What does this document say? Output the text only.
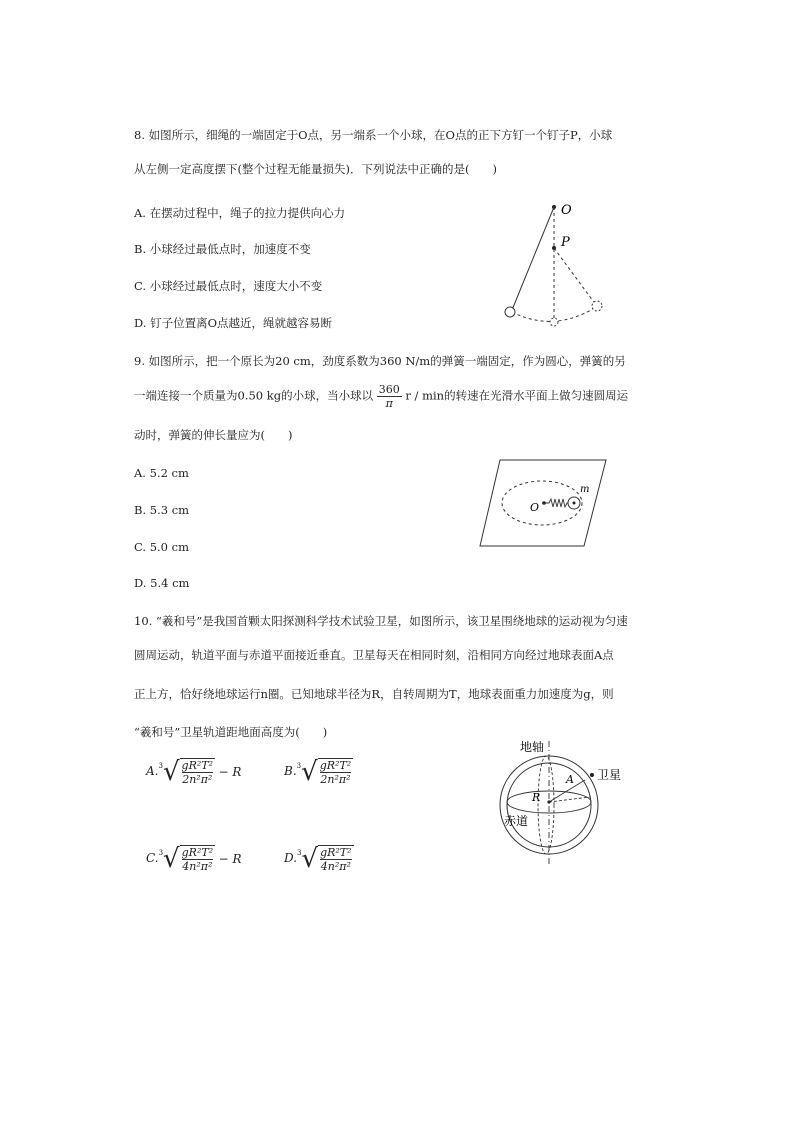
8. 如图所示，细绳的一端固定于O点，另一端系一个小球，在O点的正下方钉一个钉子P，小球
从左侧一定高度摆下(整个过程无能量损失)．下列说法中正确的是(　　)
A. 在摆动过程中，绳子的拉力提供向心力
B. 小球经过最低点时，加速度不变
C. 小球经过最低点时，速度大小不变
D. 钉子位置离O点越近，绳就越容易断
O
P
9. 如图所示，把一个原长为20 cm，劲度系数为360 N/m的弹簧一端固定，作为圆心，弹簧的另
一端连接一个质量为0.50 kg的小球，当小球以 $\frac{360}{\pi}$ r / min的转速在光滑水平面上做匀速圆周运
动时，弹簧的伸长量应为(　　)
A. 5.2 cm
B. 5.3 cm
C. 5.0 cm
D. 5.4 cm
O
m
10. “羲和号”是我国首颗太阳探测科学技术试验卫星，如图所示，该卫星围绕地球的运动视为匀速
圆周运动，轨道平面与赤道平面接近垂直。卫星每天在相同时刻，沿相同方向经过地球表面A点
正上方，恰好绕地球运行n圈。已知地球半径为R，自转周期为T，地球表面重力加速度为g，则
“羲和号”卫星轨道距地面高度为(　　)
$A.^3√ \frac{\text{gR²T²}}{\text{2n²π²}} - R$	$B.^3√ \frac{\text{gR²T²}}{\text{2n²π²}}$
$C.^3√ \frac{\text{gR²T²}}{\text{4n²π²}} - R$	$D.^3√ \frac{\text{gR²T²}}{\text{4n²π²}}$
地轴
R
A 卫星
赤道
